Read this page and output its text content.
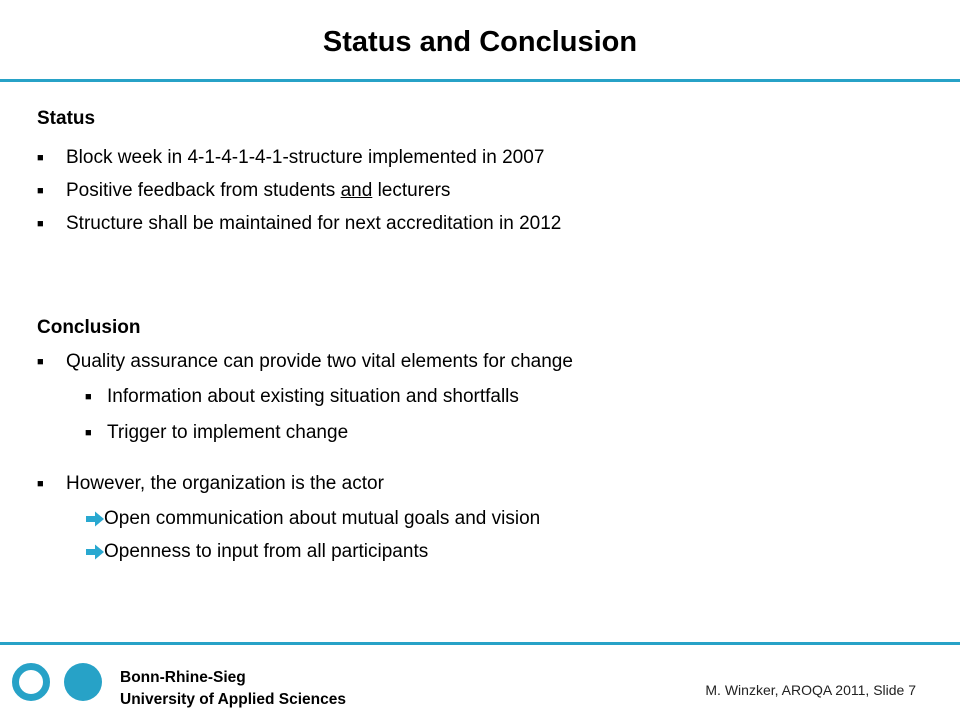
Status and Conclusion
Status
■ Block week in 4-1-4-1-4-1-structure implemented in 2007
■ Positive feedback from students and lecturers
■ Structure shall be maintained for next accreditation in 2012
Conclusion
■ Quality assurance can provide two vital elements for change
■ Information about existing situation and shortfalls
■ Trigger to implement change
■ However, the organization is the actor
Open communication about mutual goals and vision
Openness to input from all participants
Bonn-Rhine-Sieg
University of Applied Sciences
M. Winzker, AROQA 2011, Slide 7
